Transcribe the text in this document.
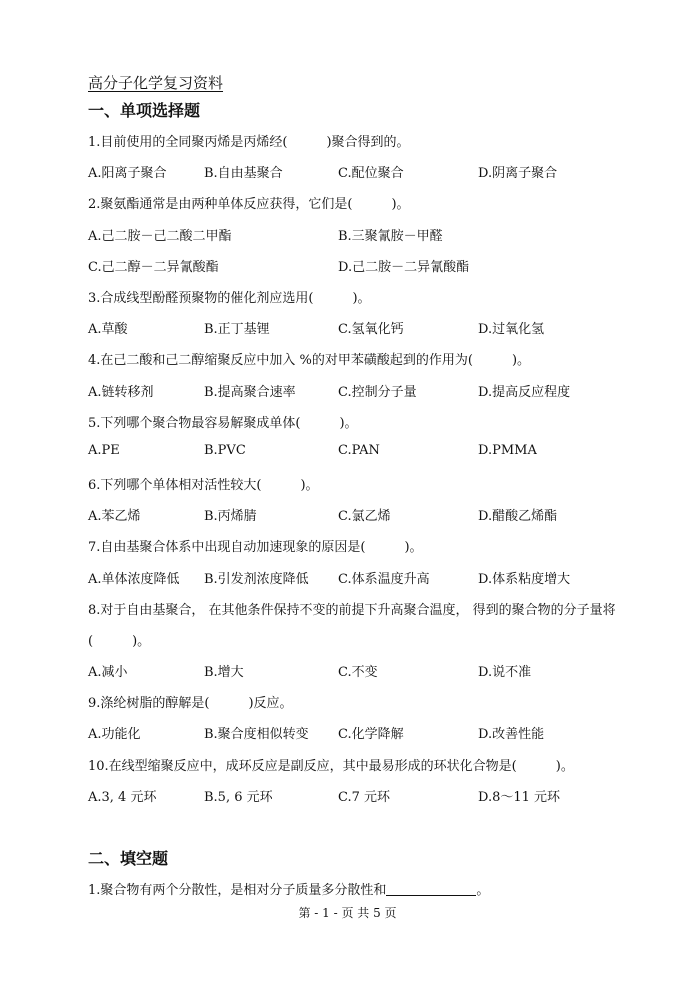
高分子化学复习资料
一、单项选择题
1.目前使用的全同聚丙烯是丙烯经(　　　)聚合得到的。
A.阳离子聚合	B.自由基聚合	C.配位聚合	D.阴离子聚合
2.聚氨酯通常是由两种单体反应获得，它们是(　　　)。
A.己二胺－己二酸二甲酯	B.三聚氰胺－甲醛
C.己二醇－二异氰酸酯	D.己二胺－二异氰酸酯
3.合成线型酚醛预聚物的催化剂应选用(　　　)。
A.草酸	B.正丁基锂	C.氢氧化钙	D.过氧化氢
4.在己二酸和己二醇缩聚反应中加入 %的对甲苯磺酸起到的作用为(　　　)。
A.链转移剂	B.提高聚合速率	C.控制分子量	D.提高反应程度
5.下列哪个聚合物最容易解聚成单体(　　　)。
A.PE	B.PVC	C.PAN	D.PMMA
6.下列哪个单体相对活性较大(　　　)。
A.苯乙烯	B.丙烯腈	C.氯乙烯	D.醋酸乙烯酯
7.自由基聚合体系中出现自动加速现象的原因是(　　　)。
A.单体浓度降低 B.引发剂浓度降低 C.体系温度升高	D.体系粘度增大
8.对于自由基聚合， 在其他条件保持不变的前提下升高聚合温度， 得到的聚合物的分子量将
(　　　)。
A.减小	B.增大	C.不变	D.说不准
9.涤纶树脂的醇解是(　　　)反应。
A.功能化	B.聚合度相似转变 C.化学降解	D.改善性能
10.在线型缩聚反应中，成环反应是副反应，其中最易形成的环状化合物是(　　　)。
A.3, 4 元环	B.5, 6 元环	C.7 元环	D.8～11 元环
二、填空题
1.聚合物有两个分散性，是相对分子质量多分散性和	。
第 - 1 - 页 共 5 页
